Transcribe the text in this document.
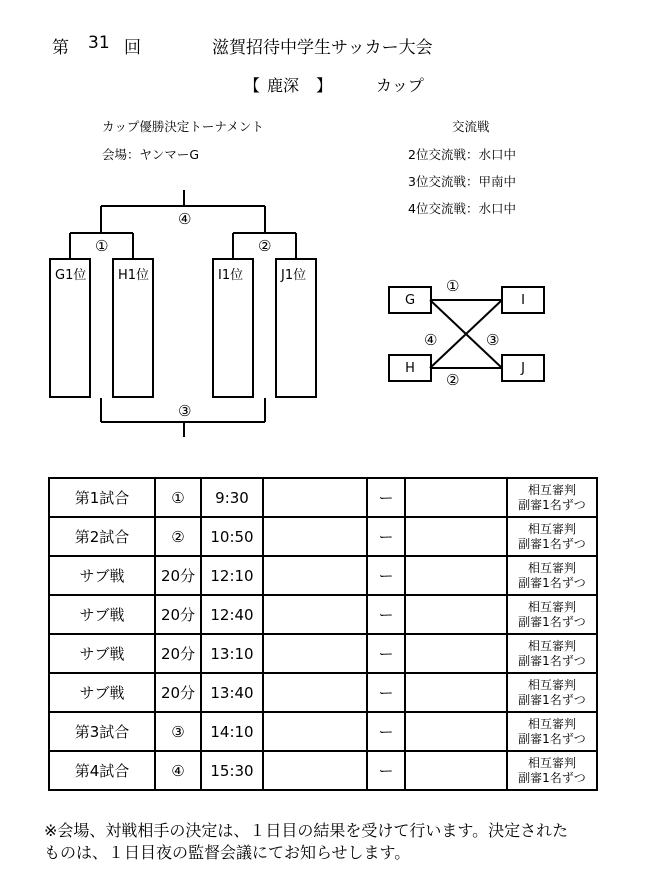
第 31 回	滋賀招待中学生サッカー大会
【 鹿深 】	カップ
カップ優勝決定トーナメント
会場：ヤンマーG
交流戦
2位交流戦：水口中
3位交流戦：甲南中
4位交流戦：水口中
④
①	②
③
G1位	H1位	I1位	J1位
G	I
H	J
①
④	③
②
第1試合	①	9:30		ー		相互審判
副審1名ずつ
第2試合	②	10:50		ー		相互審判
副審1名ずつ
サブ戦	20分	12:10		ー		相互審判
副審1名ずつ
サブ戦	20分	12:40		ー		相互審判
副審1名ずつ
サブ戦	20分	13:10		ー		相互審判
副審1名ずつ
サブ戦	20分	13:40		ー		相互審判
副審1名ずつ
第3試合	③	14:10		ー		相互審判
副審1名ずつ
第4試合	④	15:30		ー		相互審判
副審1名ずつ
※会場、対戦相手の決定は、１日目の結果を受けて行います。決定された
ものは、１日目夜の監督会議にてお知らせします。
